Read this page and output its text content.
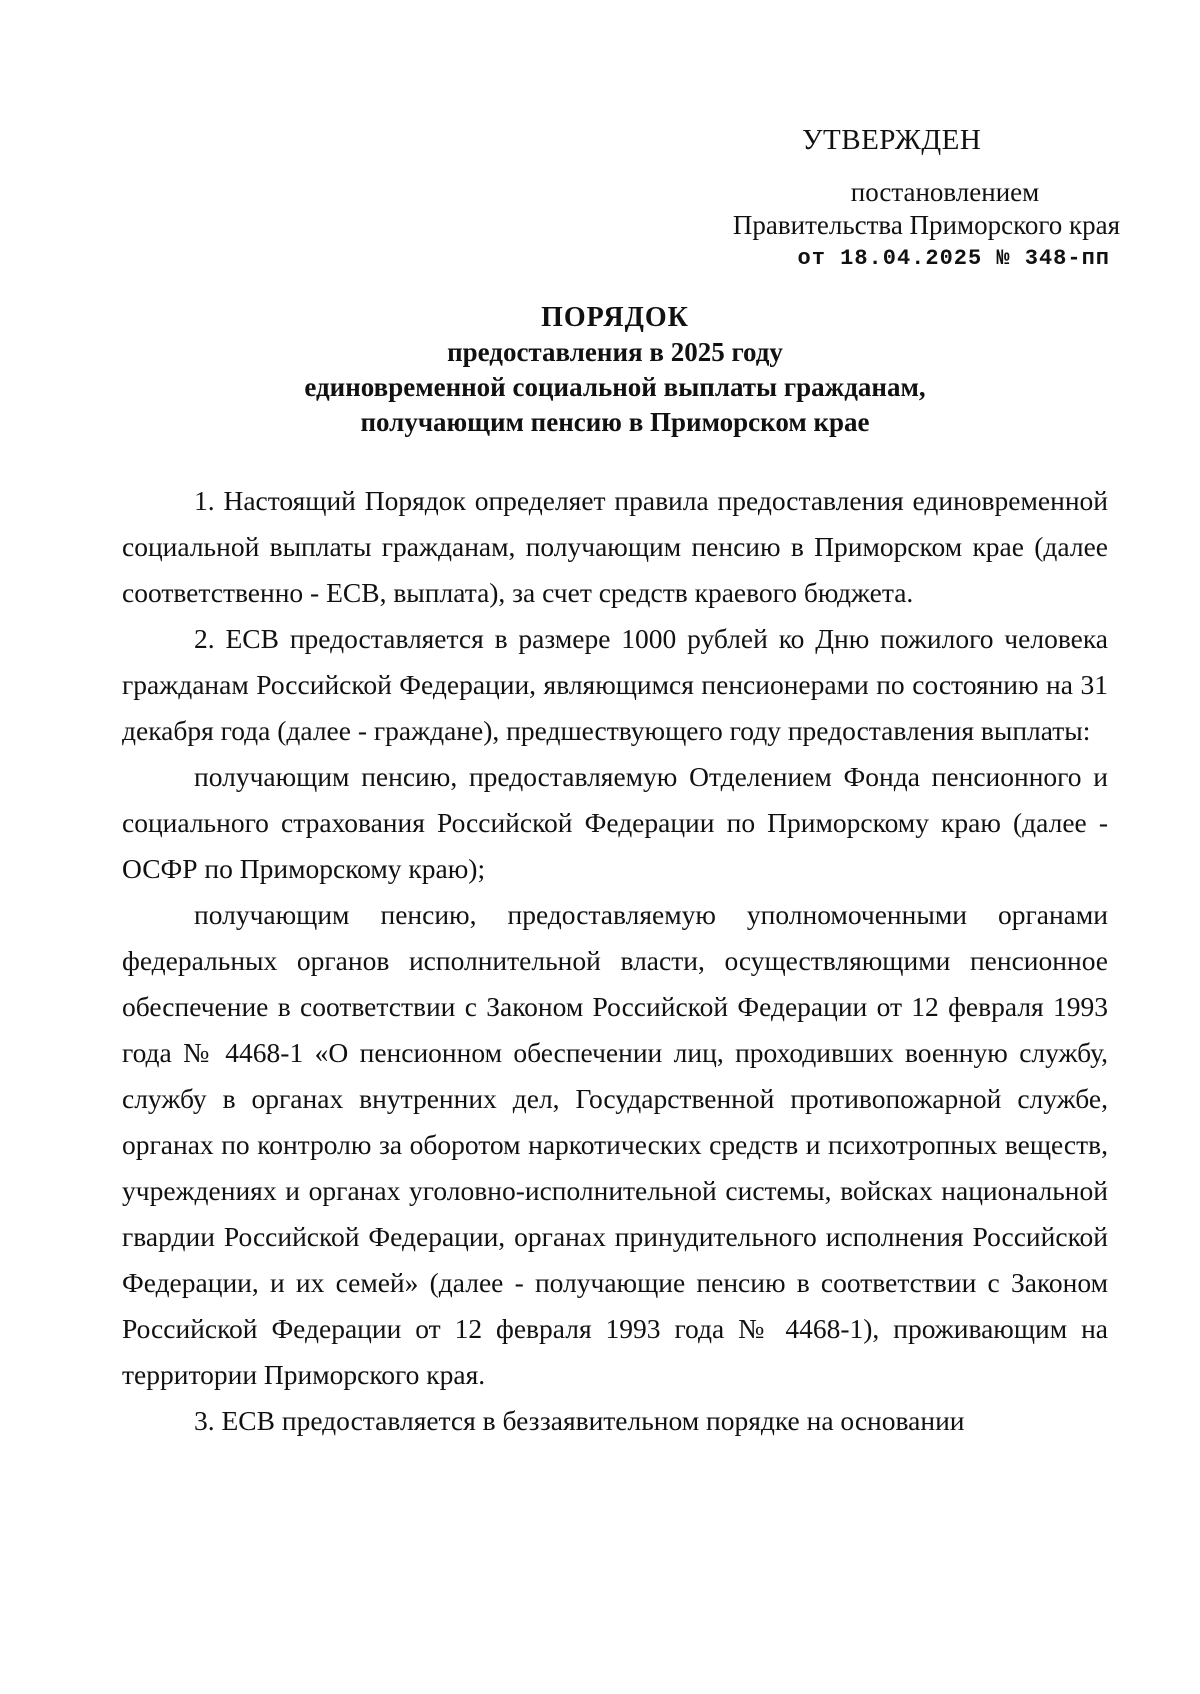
УТВЕРЖДЕН
постановлением
Правительства Приморского края
от 18.04.2025 № 348-пп
ПОРЯДОК
предоставления в 2025 году
единовременной социальной выплаты гражданам,
получающим пенсию в Приморском крае

1. Настоящий Порядок определяет правила предоставления единовременной социальной выплаты гражданам, получающим пенсию в Приморском крае (далее соответственно - ЕСВ, выплата), за счет средств краевого бюджета.

2. ЕСВ предоставляется в размере 1000 рублей ко Дню пожилого человека гражданам Российской Федерации, являющимся пенсионерами по состоянию на 31 декабря года (далее - граждане), предшествующего году предоставления выплаты:

получающим пенсию, предоставляемую Отделением Фонда пенсионного и социального страхования Российской Федерации по Приморскому краю (далее - ОСФР по Приморскому краю);

получающим пенсию, предоставляемую уполномоченными органами федеральных органов исполнительной власти, осуществляющими пенсионное обеспечение в соответствии с Законом Российской Федерации от 12 февраля 1993 года № 4468-1 «О пенсионном обеспечении лиц, проходивших военную службу, службу в органах внутренних дел, Государственной противопожарной службе, органах по контролю за оборотом наркотических средств и психотропных веществ, учреждениях и органах уголовно-исполнительной системы, войсках национальной гвардии Российской Федерации, органах принудительного исполнения Российской Федерации, и их семей» (далее - получающие пенсию в соответствии с Законом Российской Федерации от 12 февраля 1993 года № 4468-1), проживающим на территории Приморского края.

3. ЕСВ предоставляется в беззаявительном порядке на основании
